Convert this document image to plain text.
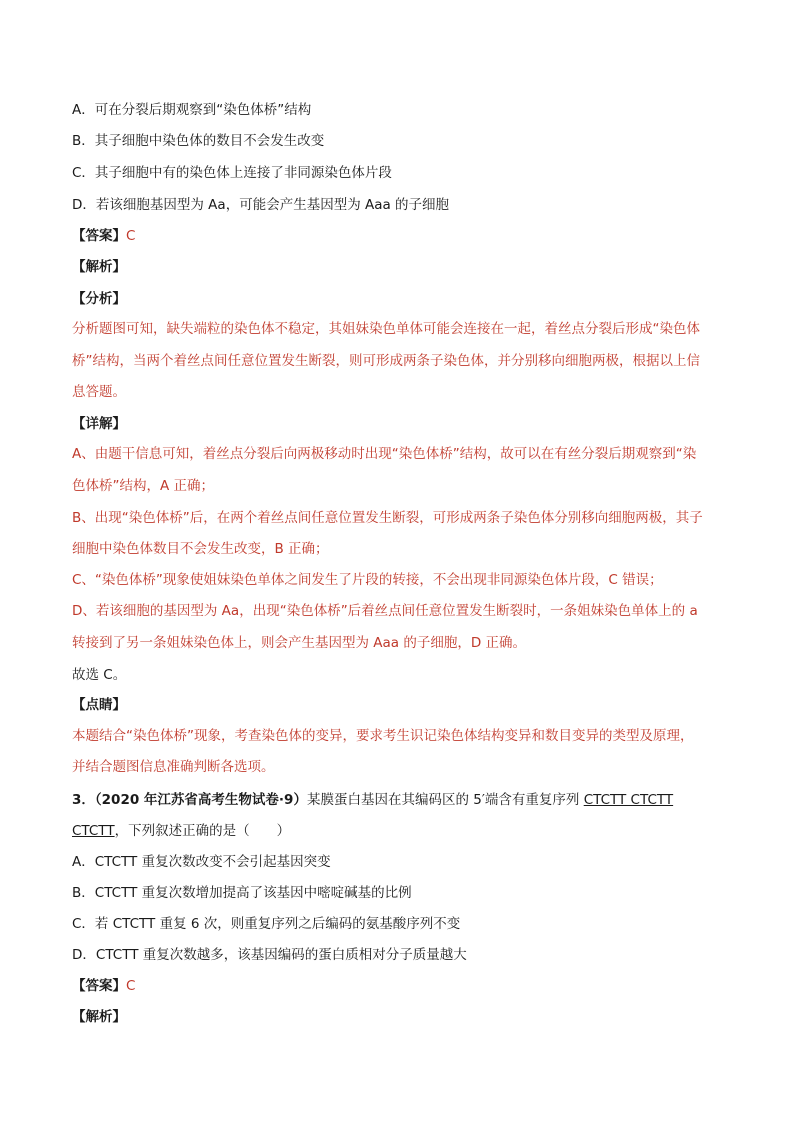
A．可在分裂后期观察到“染色体桥”结构
B．其子细胞中染色体的数目不会发生改变
C．其子细胞中有的染色体上连接了非同源染色体片段
D．若该细胞基因型为 Aa，可能会产生基因型为 Aaa 的子细胞
【答案】C
【解析】
【分析】
分析题图可知，缺失端粒的染色体不稳定，其姐妹染色单体可能会连接在一起，着丝点分裂后形成“染色体
桥”结构，当两个着丝点间任意位置发生断裂，则可形成两条子染色体，并分别移向细胞两极，根据以上信
息答题。
【详解】
A、由题干信息可知，着丝点分裂后向两极移动时出现“染色体桥”结构，故可以在有丝分裂后期观察到“染
色体桥”结构，A 正确；
B、出现“染色体桥”后，在两个着丝点间任意位置发生断裂，可形成两条子染色体分别移向细胞两极，其子
细胞中染色体数目不会发生改变，B 正确；
C、“染色体桥”现象使姐妹染色单体之间发生了片段的转接，不会出现非同源染色体片段，C 错误；
D、若该细胞的基因型为 Aa，出现“染色体桥”后着丝点间任意位置发生断裂时，一条姐妹染色单体上的 a
转接到了另一条姐妹染色体上，则会产生基因型为 Aaa 的子细胞，D 正确。
故选 C。
【点睛】
本题结合“染色体桥”现象，考查染色体的变异，要求考生识记染色体结构变异和数目变异的类型及原理，
并结合题图信息准确判断各选项。
3．（2020 年江苏省高考生物试卷·9）某膜蛋白基因在其编码区的 5′端含有重复序列 CTCTT CTCTT
CTCTT，下列叙述正确的是（　　）
A．CTCTT 重复次数改变不会引起基因突变
B．CTCTT 重复次数增加提高了该基因中嘧啶碱基的比例
C．若 CTCTT 重复 6 次，则重复序列之后编码的氨基酸序列不变
D．CTCTT 重复次数越多，该基因编码的蛋白质相对分子质量越大
【答案】C
【解析】
